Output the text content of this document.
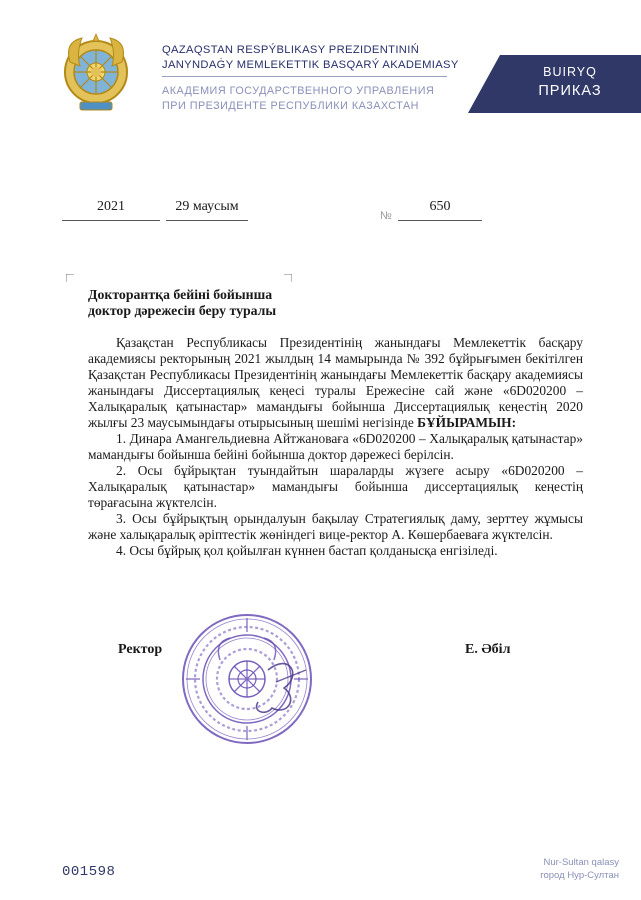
QAZAQSTAN RESPÝBLIKASY PREZIDENTINIŃ
JANYNDAĠY MEMLEKETTIK BASQARÝ AKADEMIASY
АКАДЕМИЯ ГОСУДАРСТВЕННОГО УПРАВЛЕНИЯ
ПРИ ПРЕЗИДЕНТЕ РЕСПУБЛИКИ КАЗАХСТАН
BUIRYQ
ПРИКАЗ
2021	29 маусым
№
650
Докторантқа бейіні бойынша
доктор дәрежесін беру туралы

Қазақстан Республикасы Президентінің жанындағы Мемлекеттік басқару академиясы ректорының 2021 жылдың 14 мамырында № 392 бұйрығымен бекітілген Қазақстан Республикасы Президентінің жанындағы Мемлекеттік басқару академиясы жанындағы Диссертациялық кеңесі туралы Ережесіне сай және «6D020200 – Халықаралық қатынастар» мамандығы бойынша Диссертациялық кеңестің 2020 жылғы 23 маусымындағы отырысының шешімі негізінде БҰЙЫРАМЫН:

1. Динара Амангельдиевна Айтжановаға «6D020200 – Халықаралық қатынастар» мамандығы бойынша бейіні бойынша доктор дәрежесі берілсін.

2. Осы бұйрықтан туындайтын шараларды жүзеге асыру «6D020200 – Халықаралық қатынастар» мамандығы бойынша диссертациялық кеңестің төрағасына жүктелсін.

3. Осы бұйрықтың орындалуын бақылау Стратегиялық даму, зерттеу жұмысы және халықаралық әріптестік жөніндегі вице-ректор А. Көшербаеваға жүктелсін.

4. Осы бұйрық қол қойылған күннен бастап қолданысқа енгізіледі.

Ректор	Е. Әбіл
001598
Nur-Sultan qalasy
город Нур-Султан
